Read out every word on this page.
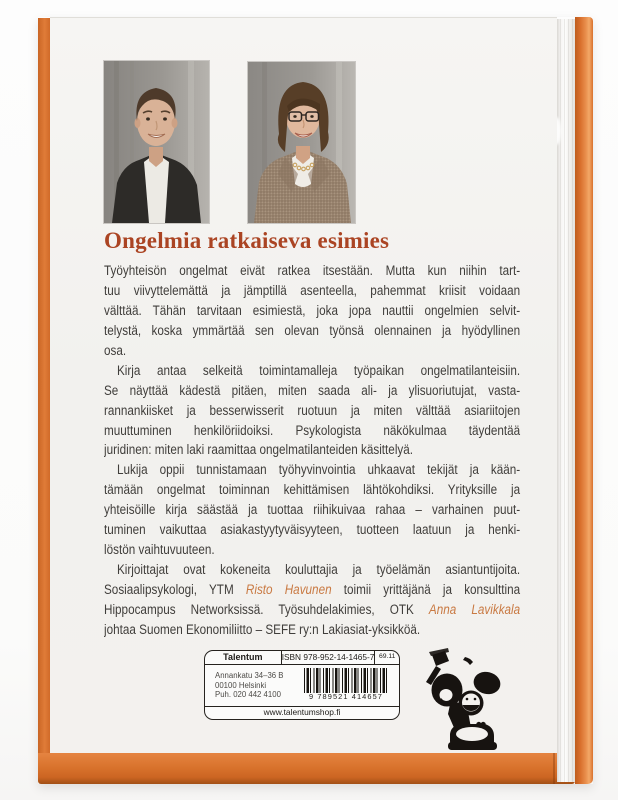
Ongelmia ratkaiseva esimies
Työyhteisön ongelmat eivät ratkea itsestään. Mutta kun niihin tart-
tuu viivyttelemättä ja jämptillä asenteella, pahemmat kriisit voidaan
välttää. Tähän tarvitaan esimiestä, joka jopa nauttii ongelmien selvit-
telystä, koska ymmärtää sen olevan työnsä olennainen ja hyödyllinen
osa.
Kirja antaa selkeitä toimintamalleja työpaikan ongelmatilanteisiin.
Se näyttää kädestä pitäen, miten saada ali- ja ylisuoriutujat, vasta-
rannankiisket ja besserwisserit ruotuun ja miten välttää asiariitojen
muuttuminen henkilöriidoiksi. Psykologista näkökulmaa täydentää
juridinen: miten laki raamittaa ongelmatilanteiden käsittelyä.
Lukija oppii tunnistamaan työhyvinvointia uhkaavat tekijät ja kään-
tämään ongelmat toiminnan kehittämisen lähtökohdiksi. Yrityksille ja
yhteisöille kirja säästää ja tuottaa riihikuivaa rahaa – varhainen puut-
tuminen vaikuttaa asiakastyytyväisyyteen, tuotteen laatuun ja henki-
löstön vaihtuvuuteen.
Kirjoittajat ovat kokeneita kouluttajia ja työelämän asiantuntijoita.
Sosiaalipsykologi, YTM Risto Havunen toimii yrittäjänä ja konsulttina
Hippocampus Networksissä. Työsuhdelakimies, OTK Anna Lavikkala
johtaa Suomen Ekonomiliitto – SEFE ry:n Lakiasiat-yksikköä.
Talentum	ISBN 978-952-14-1465-7 69.11
Annankatu 34–36 B
00100 Helsinki
Puh. 020 442 4100	9 789521 414657
www.talentumshop.fi
